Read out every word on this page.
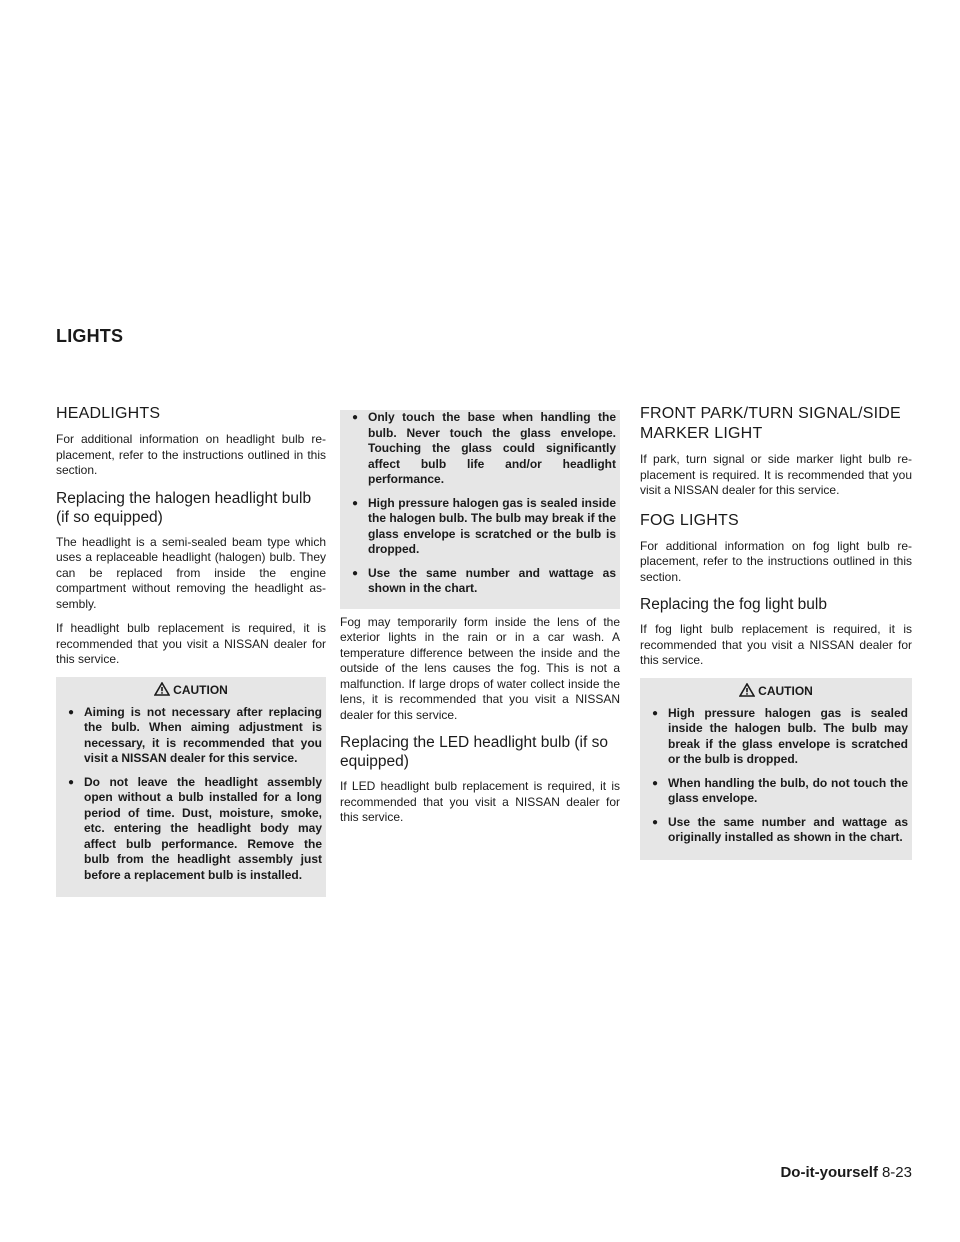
LIGHTS
HEADLIGHTS

For additional information on headlight bulb re-placement, refer to the instructions outlined in this section.

Replacing the halogen headlight bulb (if so equipped)

The headlight is a semi-sealed beam type which uses a replaceable headlight (halogen) bulb. They can be replaced from inside the engine compartment without removing the headlight as-sembly.

If headlight bulb replacement is required, it is recommended that you visit a NISSAN dealer for this service.

CAUTION
● Aiming is not necessary after replacing the bulb. When aiming adjustment is necessary, it is recommended that you visit a NISSAN dealer for this service.
● Do not leave the headlight assembly open without a bulb installed for a long period of time. Dust, moisture, smoke, etc. entering the headlight body may affect bulb performance. Remove the bulb from the headlight assembly just before a replacement bulb is installed.
● Only touch the base when handling the bulb. Never touch the glass envelope. Touching the glass could significantly affect bulb life and/or headlight performance.
● High pressure halogen gas is sealed inside the halogen bulb. The bulb may break if the glass envelope is scratched or the bulb is dropped.
● Use the same number and wattage as shown in the chart.

Fog may temporarily form inside the lens of the exterior lights in the rain or in a car wash. A temperature difference between the inside and the outside of the lens causes the fog. This is not a malfunction. If large drops of water collect inside the lens, it is recommended that you visit a NISSAN dealer for this service.

Replacing the LED headlight bulb (if so equipped)

If LED headlight bulb replacement is required, it is recommended that you visit a NISSAN dealer for this service.

FRONT PARK/TURN SIGNAL/SIDE MARKER LIGHT

If park, turn signal or side marker light bulb re-placement is required. It is recommended that you visit a NISSAN dealer for this service.

FOG LIGHTS

For additional information on fog light bulb re-placement, refer to the instructions outlined in this section.

Replacing the fog light bulb

If fog light bulb replacement is required, it is recommended that you visit a NISSAN dealer for this service.

CAUTION
● High pressure halogen gas is sealed inside the halogen bulb. The bulb may break if the glass envelope is scratched or the bulb is dropped.
● When handling the bulb, do not touch the glass envelope.
● Use the same number and wattage as originally installed as shown in the chart.
Do-it-yourself 8-23
